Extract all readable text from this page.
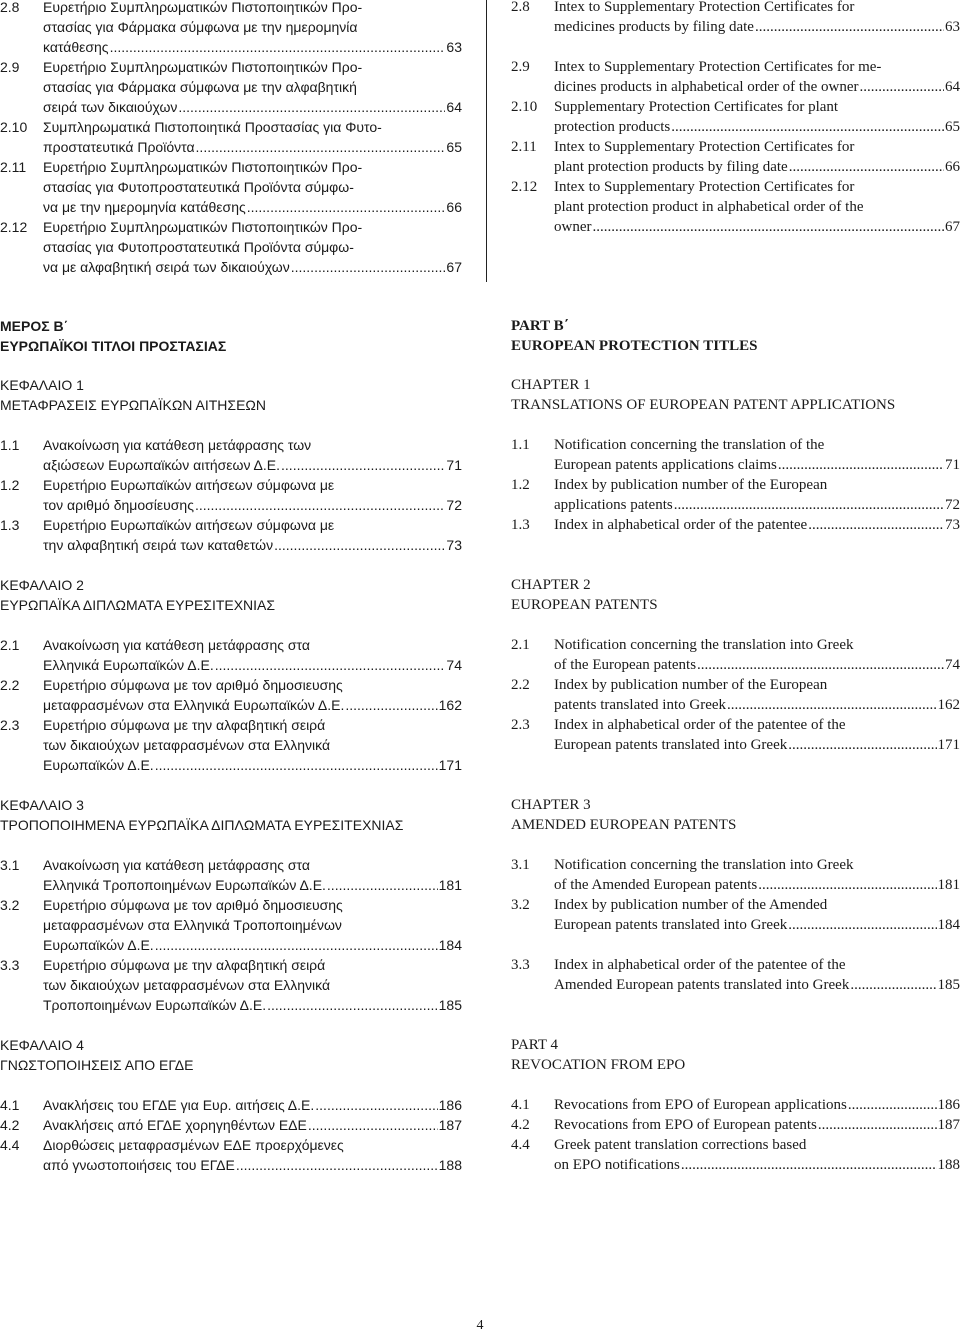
2.8 Ευρετήριο Συμπληρωματικών Πιστοποιητικών Προ-
στασίας για Φάρμακα σύμφωνα με την ημερομηνία
κατάθεσης .....	63
2.9 Ευρετήριο Συμπληρωματικών Πιστοποιητικών Προ-
στασίας για Φάρμακα σύμφωνα με την αλφαβητική
σειρά των δικαιούχων .....	64
2.10 Συμπληρωματικά Πιστοποιητικά Προστασίας για Φυτο-
προστατευτικά Προϊόντα .....	65
2.11 Ευρετήριο Συμπληρωματικών Πιστοποιητικών Προ-
στασίας για Φυτοπροστατευτικά Προϊόντα σύμφω-
να με την ημερομηνία κατάθεσης .....	66
2.12 Ευρετήριο Συμπληρωματικών Πιστοποιητικών Προ-
στασίας για Φυτοπροστατευτικά Προϊόντα σύμφω-
να με αλφαβητική σειρά των δικαιούχων .....	67
ΜΕΡΟΣ Β΄
ΕΥΡΩΠΑΪΚΟΙ ΤΙΤΛΟΙ ΠΡΟΣΤΑΣΙΑΣ
ΚΕΦΑΛΑΙΟ 1
ΜΕΤΑΦΡΑΣΕΙΣ ΕΥΡΩΠΑΪΚΩΝ ΑΙΤΗΣΕΩΝ
1.1 Ανακοίνωση για κατάθεση μετάφρασης των
αξιώσεων Ευρωπαϊκών αιτήσεων Δ.Ε. .....	71
1.2 Ευρετήριο Ευρωπαϊκών αιτήσεων σύμφωνα με
τον αριθμό δημοσίευσης .....	72
1.3 Ευρετήριο Ευρωπαϊκών αιτήσεων σύμφωνα με
την αλφαβητική σειρά των καταθετών .....	73
ΚΕΦΑΛΑΙΟ 2
ΕΥΡΩΠΑΪΚΑ ΔΙΠΛΩΜΑΤΑ ΕΥΡΕΣΙΤΕΧΝΙΑΣ
2.1 Ανακοίνωση για κατάθεση μετάφρασης στα
Ελληνικά Ευρωπαϊκών Δ.Ε. .....	74
2.2 Ευρετήριο σύμφωνα με τον αριθμό δημοσιευσης
μεταφρασμένων στα Ελληνικά Ευρωπαϊκών Δ.Ε. .....	162
2.3 Ευρετήριο σύμφωνα με την αλφαβητική σειρά
των δικαιούχων μεταφρασμένων στα Ελληνικά
Ευρωπαϊκών Δ.Ε. .....	171
ΚΕΦΑΛΑΙΟ 3
ΤΡΟΠΟΠΟΙΗΜΕΝΑ ΕΥΡΩΠΑΪΚΑ ΔΙΠΛΩΜΑΤΑ ΕΥΡΕΣΙΤΕΧΝΙΑΣ
3.1 Ανακοίνωση για κατάθεση μετάφρασης στα
Ελληνικά Τροποποιημένων Ευρωπαϊκών Δ.Ε. .....	181
3.2 Ευρετήριο σύμφωνα με τον αριθμό δημοσιευσης
μεταφρασμένων στα Ελληνικά Τροποποιημένων
Ευρωπαϊκών Δ.Ε. .....	184
3.3 Ευρετήριο σύμφωνα με την αλφαβητική σειρά
των δικαιούχων μεταφρασμένων στα Ελληνικά
Τροποποιημένων Ευρωπαϊκών Δ.Ε. .....	185
ΚΕΦΑΛΑΙΟ 4
ΓΝΩΣΤΟΠΟΙΗΣΕΙΣ ΑΠΟ ΕΓΔΕ
4.1 Ανακλήσεις του ΕΓΔΕ για Ευρ. αιτήσεις Δ.Ε. .....	186
4.2 Ανακλήσεις από ΕΓΔΕ χορηγηθέντων ΕΔΕ .....	187
4.4 Διορθώσεις μεταφρασμένων ΕΔΕ προερχόμενες
από γνωστοποιήσεις του ΕΓΔΕ .....	188
2.8 Intex to Supplementary Protection Certificates for
medicines products by filing date .....	63
2.9 Intex to Supplementary Protection Certificates for me-
dicines products in alphabetical order of the owner .....	64
2.10 Supplementary Protection Certificates for plant
protection products .....	65
2.11 Intex to Supplementary Protection Certificates for
plant protection products by filing date .....	66
2.12 Intex to Supplementary Protection Certificates for
plant protection product in alphabetical order of the
owner .....	67
PART B΄
EUROPEAN PROTECTION TITLES
CHAPTER 1
TRANSLATIONS OF EUROPEAN PATENT APPLICATIONS
1.1 Notification concerning the translation of the
European patents applications claims .....	71
1.2 Index by publication number of the European
applications patents .....	72
1.3 Index in alphabetical order of the patentee .....	73
CHAPTER 2
EUROPEAN PATENTS
2.1 Notification concerning the translation into Greek
of the European patents .....	74
2.2 Index by publication number of the European
patents translated into Greek .....	162
2.3 Index in alphabetical order of the patentee of the
European patents translated into Greek .....	171
CHAPTER 3
AMENDED EUROPEAN PATENTS
3.1 Notification concerning the translation into Greek
of the Amended European patents .....	181
3.2 Index by publication number of the Amended
European patents translated into Greek .....	184
3.3 Index in alphabetical order of the patentee of the
Amended European patents translated into Greek .....	185
PART 4
REVOCATION FROM EPO
4.1 Revocations from EPO of European applications .....	186
4.2 Revocations from EPO of European patents .....	187
4.4 Greek patent translation corrections based
on EPO notifications .....	188
4
